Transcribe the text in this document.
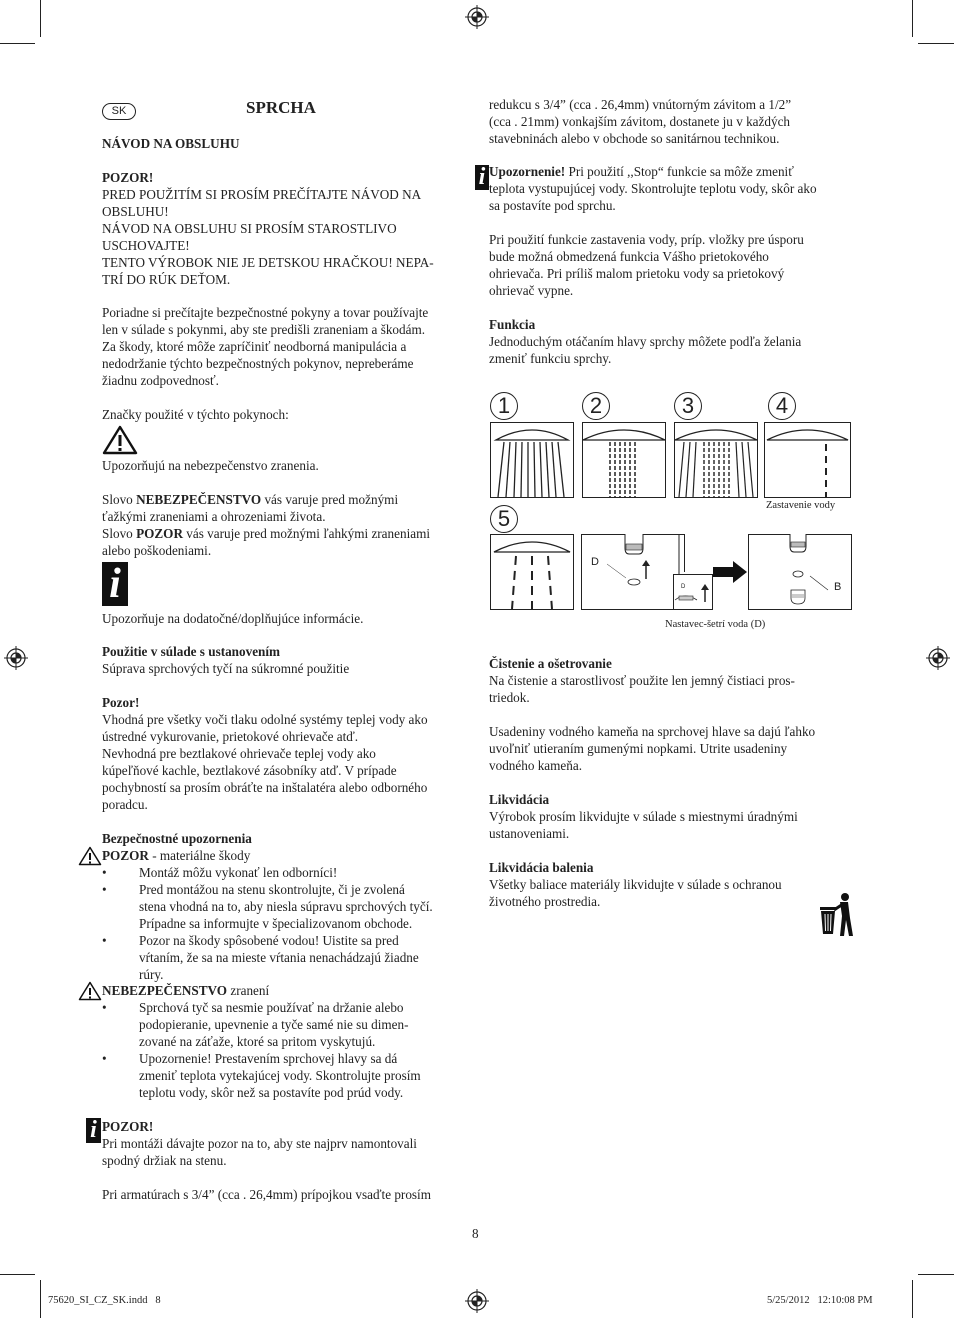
SK	SPRCHA
NÁVOD NA OBSLUHU
POZOR!
PRED POUŽITÍM SI PROSÍM PREČÍTAJTE NÁVOD NA
OBSLUHU!
NÁVOD NA OBSLUHU SI PROSÍM STAROSTLIVO
USCHOVAJTE!
TENTO VÝROBOK NIE JE DETSKOU HRAČKOU! NEPA-
TRÍ DO RÚK DEŤOM.
Poriadne si prečítajte bezpečnostné pokyny a tovar používajte
len v súlade s pokynmi, aby ste predišli zraneniam a škodám.
Za škody, ktoré môže zapríčiniť neodborná manipulácia a
nedodržanie týchto bezpečnostných pokynov, nepreberáme
žiadnu zodpovednosť.
Značky použité v týchto pokynoch:
Upozorňujú na nebezpečenstvo zranenia.
Slovo NEBEZPEČENSTVO vás varuje pred možnými
ťažkými zraneniami a ohrozeniami života.
Slovo POZOR vás varuje pred možnými ľahkými zraneniami
alebo poškodeniami.
i
Upozorňuje na dodatočné/doplňujúce informácie.
Použitie v súlade s ustanovením
Súprava sprchových tyčí na súkromné použitie
Pozor!
Vhodná pre všetky voči tlaku odolné systémy teplej vody ako
ústredné vykurovanie, prietokové ohrievače atď.
Nevhodná pre beztlakové ohrievače teplej vody ako
kúpeľňové kachle, beztlakové zásobníky atď. V prípade
pochybností sa prosím obráťte na inštalatéra alebo odborného
poradcu.
Bezpečnostné upozornenia
POZOR - materiálne škody
• Montáž môžu vykonať len odborníci!
• Pred montážou na stenu skontrolujte, či je zvolená
stena vhodná na to, aby niesla súpravu sprchových tyčí.
Prípadne sa informujte v špecializovanom obchode.
• Pozor na škody spôsobené vodou! Uistite sa pred
vŕtaním, že sa na mieste vŕtania nenachádzajú žiadne
rúry.
NEBEZPEČENSTVO zranení
• Sprchová tyč sa nesmie používať na držanie alebo
podopieranie, upevnenie a tyče samé nie su dimen-
zované na záťaže, ktoré sa pritom vyskytujú.
• Upozornenie! Prestavením sprchovej hlavy sa dá
zmeniť teplota vytekajúcej vody. Skontrolujte prosím
teplotu vody, skôr než sa postavíte pod prúd vody.
i POZOR!
Pri montáži dávajte pozor na to, aby ste najprv namontovali
spodný držiak na stenu.
Pri armatúrach s 3/4” (cca . 26,4mm) prípojkou vsaďte prosím
redukcu s 3/4” (cca . 26,4mm) vnútorným závitom a 1/2”
(cca . 21mm) vonkajším závitom, dostanete ju v každých
stavebninách alebo v obchode so sanitárnou technikou.
i Upozornenie! Pri použití ,,Stop“ funkcie sa môže zmeniť
teplota vystupujúcej vody. Skontrolujte teplotu vody, skôr ako
sa postavíte pod sprchu.
Pri použití funkcie zastavenia vody, príp. vložky pre úsporu
bude možná obmedzená funkcia Vášho prietokového
ohrievača. Pri príliš malom prietoku vody sa prietokový
ohrievač vypne.
Funkcia
Jednoduchým otáčaním hlavy sprchy môžete podľa želania
zmeniť funkciu sprchy.
1	2	3	4
5
Zastavenie vody
D
D
B
Nastavec-šetrí voda (D)
Čistenie a ošetrovanie
Na čistenie a starostlivosť použite len jemný čistiaci pros-
triedok.
Usadeniny vodného kameňa na sprchovej hlave sa dajú ľahko
uvoľniť utieraním gumenými nopkami. Utrite usadeniny
vodného kameňa.
Likvidácia
Výrobok prosím likvidujte v súlade s miestnymi úradnými
ustanoveniami.
Likvidácia balenia
Všetky baliace materiály likvidujte v súlade s ochranou
životného prostredia.
8
75620_SI_CZ_SK.indd   8	5/25/2012   12:10:08 PM
